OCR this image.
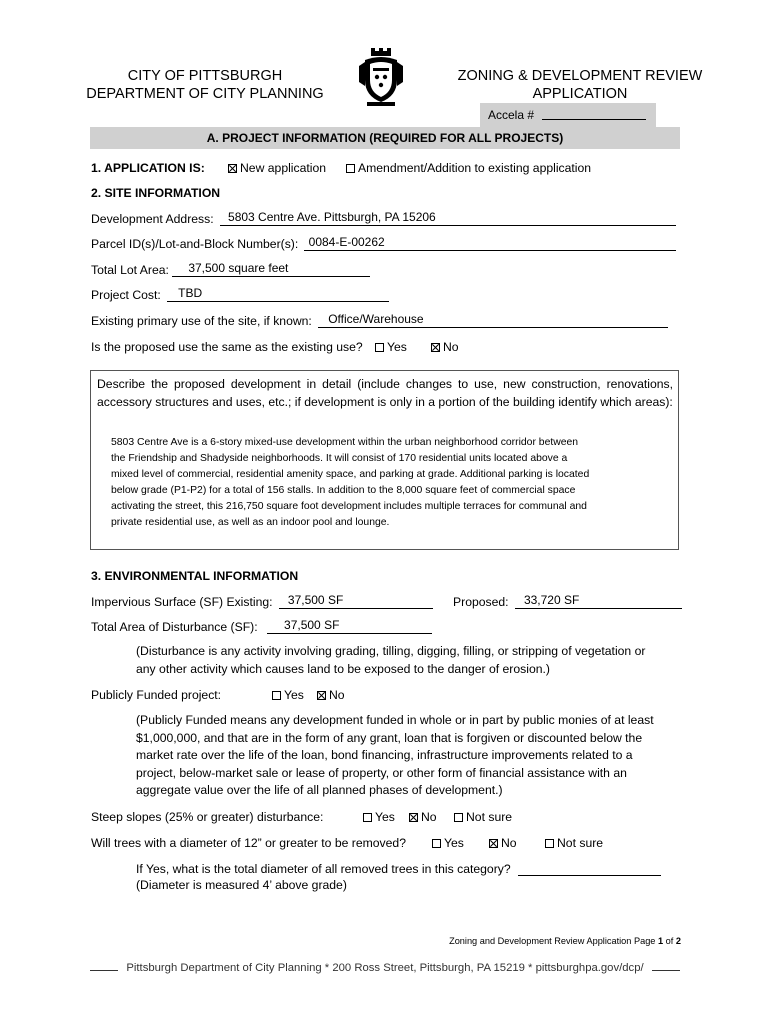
CITY OF PITTSBURGH
DEPARTMENT OF CITY PLANNING
ZONING & DEVELOPMENT REVIEW
APPLICATION
Accela #
A. PROJECT INFORMATION (REQUIRED FOR ALL PROJECTS)
1. APPLICATION IS:	New application	Amendment/Addition to existing application
2. SITE INFORMATION
Development Address: 5803 Centre Ave. Pittsburgh, PA 15206
Parcel ID(s)/Lot-and-Block Number(s): 0084-E-00262
Total Lot Area: 37,500 square feet
Project Cost: TBD
Existing primary use of the site, if known: Office/Warehouse
Is the proposed use the same as the existing use?	Yes	No
Describe the proposed development in detail (include changes to use, new construction, renovations, accessory structures and uses, etc.; if development is only in a portion of the building identify which areas):
5803 Centre Ave is a 6-story mixed-use development within the urban neighborhood corridor between
the Friendship and Shadyside neighborhoods. It will consist of 170 residential units located above a
mixed level of commercial, residential amenity space, and parking at grade. Additional parking is located
below grade (P1-P2) for a total of 156 stalls. In addition to the 8,000 square feet of commercial space
activating the street, this 216,750 square foot development includes multiple terraces for communal and
private residential use, as well as an indoor pool and lounge.
3. ENVIRONMENTAL INFORMATION
Impervious Surface (SF) Existing: 37,500 SF	Proposed: 33,720 SF
Total Area of Disturbance (SF): 37,500 SF
(Disturbance is any activity involving grading, tilling, digging, filling, or stripping of vegetation or
any other activity which causes land to be exposed to the danger of erosion.)
Publicly Funded project:	Yes	No
(Publicly Funded means any development funded in whole or in part by public monies of at least
$1,000,000, and that are in the form of any grant, loan that is forgiven or discounted below the
market rate over the life of the loan, bond financing, infrastructure improvements related to a
project, below-market sale or lease of property, or other form of financial assistance with an
aggregate value over the life of all planned phases of development.)
Steep slopes (25% or greater) disturbance:	Yes	No	Not sure
Will trees with a diameter of 12” or greater to be removed?	Yes	No	Not sure
If Yes, what is the total diameter of all removed trees in this category?
(Diameter is measured 4’ above grade)
Zoning and Development Review Application Page 1 of 2
Pittsburgh Department of City Planning * 200 Ross Street, Pittsburgh, PA 15219 * pittsburghpa.gov/dcp/
